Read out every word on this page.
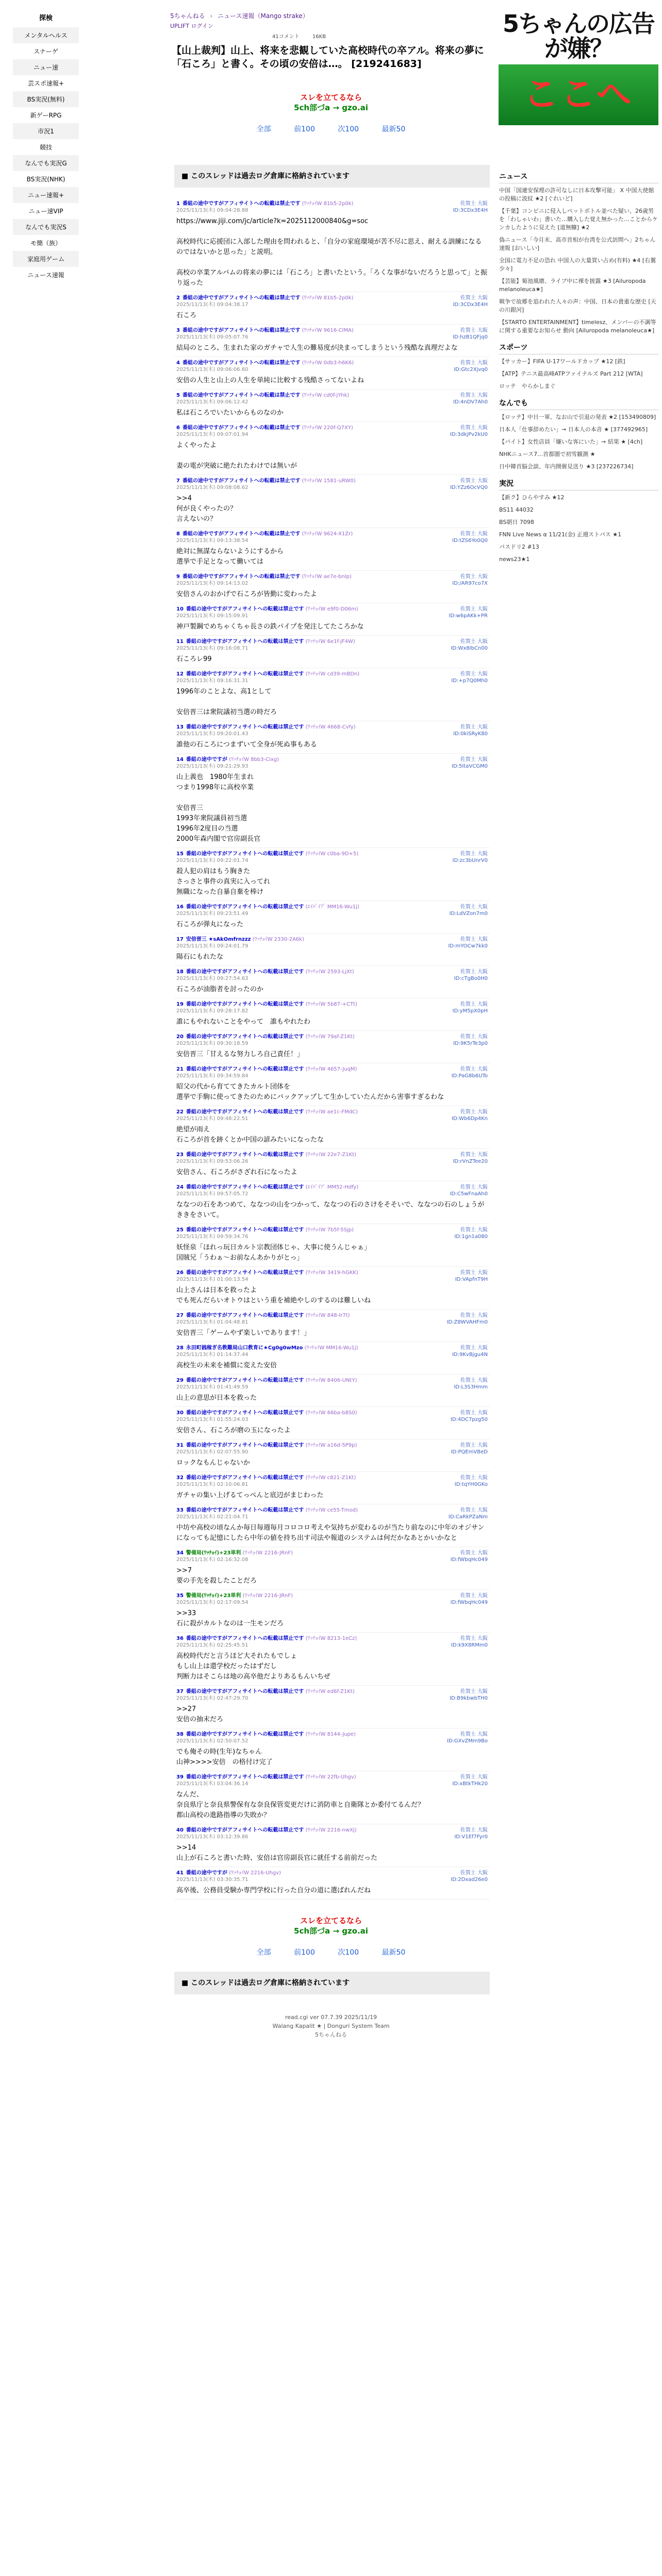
探検
メンタルヘルス
スナーゲ
ニュー速
芸スポ速報+
BS実況(無料)
新ゲーRPG
市況1
競技
なんでも実況G
BS実況(NHK)
ニュー速報+
ニュー速VIP
なんでも実況S
モ簡（族）
家庭用ゲーム
ニュース速報
5ちゃんねる › ニュース速報（Mango strake）
UPLIFT ログイン
41コメント	16KB
【山上裁判】山上、将来を悲観していた高校時代の卒アル。将来の夢に「石ころ」と書く。その頃の安倍は…。 [219241683]
スレを立てるなら
5ch部づa → gzo.ai
全部	前100	次100	最新50
5ちゃんの広告が嫌？
ここへ
ニュース
中国「国連安保理の許可なしに日本攻撃可能」 X 中国大使館の投稿に波紋 ★2 [ぐれいど]
【千葉】コンビニに侵入しペットボトル並べた疑い、26歳男を「わしゃいわ」書いた…購入した覚え無かった…ことからケンカしたように見えた [道無糠] ★2
偽ニュース「今月末、高市首相が台湾を公式訪問へ」2ちゃん速報 [おいしい]
全国に電力不足の恐れ 中国人の大量買い占め(有料) ★4 [右翼少々]
【芸能】菊池風磨、ライブ中に裸を披露 ★3 [Ailuropoda melanoleuca★]
戦争で故郷を追われた人々の声：中国、日本の貴重な歴史 [天の川銀河]
【STARTO ENTERTAINMENT】timelesz、メンバーの不調等に関する重要なお知らせ 動向 [Ailuropoda melanoleuca★]
スポーツ
【サッカー】FIFA U-17ワールドカップ ★12 [鉄]
【ATP】テニス最高峰ATPファイナルズ Part 212 [WTA]
ロッテ　やらかしまぐ
なんでも
【ロッテ】中日一軍、なお山で引退の発表 ★2 [153490809]
日本人「仕事辞めたい」→ 日本人の本音 ★ [377492965]
【バイト】女性店員「嫌いな客にいた」→ 結果 ★ [4ch]
NHKニュース7…首都圏で初雪観測 ★
日中韓首脳会談、年内開催見送り ★3 [237226734]
実況
【新ク】ひらやすみ ★12
BS11 44032
BS朝日 7098
FNN Live News α 11/21(金) 正週ストパス ★1
パスドリ2 #13
news23★1
■ このスレッドは過去ログ倉庫に格納されています
1 番組の途中ですがアフィサイトへの転載は禁止です (ﾜｯﾁｮｲW 81b5-2p0k)
2025/11/13(木) 09:04:28.88
佐賀土 大阪
ID:3CDx3E4H
https://www.jiji.com/jc/article?k=2025112000840&g=soc

高校時代に応援団に入部した理由を問われると、「自分の家庭環境が苦不尽に思え、耐える訓練になるのではないかと思った」と説明。

高校の卒業アルバムの将来の夢には「石ころ」と書いたという。「ろくな事がないだろうと思って」と振り返った
2 番組の途中ですがアフィサイトへの転載は禁止です (ﾜｯﾁｮｲW 81b5-2p0k)
2025/11/13(木) 09:04:38.17
佐賀土 大阪
ID:3CDx3E4H
石ころ
3 番組の途中ですがアフィサイトへの転載は禁止です (ﾜｯﾁｮｲW 9616-ClMA)
2025/11/13(木) 09:05:07.76
佐賀土 大阪
ID:hzB1QFjq0
結局のところ、生まれた家のガチャで人生の難易度が決まってしまうという残酷な真理だよな
4 番組の途中ですがアフィサイトへの転載は禁止です (ﾜｯﾁｮｲW 0db3-h6K6)
2025/11/13(木) 09:06:06.60
佐賀土 大阪
ID:Gtc2Xjvq0
安倍の人生と山上の人生を単純に比較する残酷さってないよね
5 番組の途中ですがアフィサイトへの転載は禁止です (ﾜｯﾁｮｲW cd0f-jYhk)
2025/11/13(木) 09:06:12.42
佐賀土 大阪
ID:4nDV7Ah0
私は石ころでいたいからものなのか
6 番組の途中ですがアフィサイトへの転載は禁止です (ﾜｯﾁｮｲW 220f-Q7XY)
2025/11/13(木) 09:07:01.94
佐賀土 大阪
ID:3dkjPv2kU0
よくやったよ

妻の電が突破に絶たれたわけでは無いが
7 番組の途中ですがアフィサイトへの転載は禁止です (ﾜｯﾁｮｲW 1581-uRW0)
2025/11/13(木) 09:08:08.62
佐賀土 大阪
ID:YZz6OcVQ0
>>4
何が良くやったの？
言えないの？
8 番組の途中ですがアフィサイトへの転載は禁止です (ﾜｯﾁｮｲW 9624-X1Zr)
2025/11/13(木) 09:13:38.54
佐賀土 大阪
ID:tZS6Yo0Q0
絶対に無謀ならないようにするから
選挙で手足となって働いては
9 番組の途中ですがアフィサイトへの転載は禁止です (ﾜｯﾁｮｲW ae7e-bnlp)
2025/11/13(木) 09:14:13.02
佐賀土 大阪
ID:/AR97co7X
安倍さんのおかげで石ころが皆勤に変わったよ
10 番組の途中ですがアフィサイトへの転載は禁止です (ﾜｯﾁｮｲW e9f0-D06m)
2025/11/13(木) 09:15:09.91
佐賀土 大阪
ID:w6pAKk+PR
神戸製鋼でめちゃくちゃ長さの鉄パイプを発注してたころかな
11 番組の途中ですがアフィサイトへの転載は禁止です (ﾜｯﾁｮｲW 6e1f-jF4W)
2025/11/13(木) 09:16:08.71
佐賀土 大阪
ID:Wx8IbCn00
石ころレ99
12 番組の途中ですがアフィサイトへの転載は禁止です (ﾜｯﾁｮｲW cd39-mBDn)
2025/11/13(木) 09:16:31.31
佐賀土 大阪
ID:+p7Q0Mh0
1996年のことよな、高1として

安倍晋三は衆院議初当選の時だろ
13 番組の途中ですがアフィサイトへの転載は禁止です (ﾜｯﾁｮｲW 4668-Cvfy)
2025/11/13(木) 09:20:01.43
佐賀土 大阪
ID:0kiSRyK80
誰他の石ころにつまずいて全身が死ぬ事もある
14 番組の途中ですが (ﾜｯﾁｮｲW 8bb3-Cixg)
2025/11/13(木) 09:21:29.93
佐賀土 大阪
ID:5ItaVCGM0
山上義也　1980年生まれ
つまり1998年に高校卒業

安倍晋三
1993年衆院議員初当選
1996年2度目の当選
2000年森内閣で官房副長官
15 番組の途中ですがアフィサイトへの転載は禁止です (ﾜｯﾁｮｲW c0ba-9D+5)
2025/11/13(木) 09:22:01.74
佐賀土 大阪
ID:zc3bUnrV0
殺人犯の肩はもう胸きた
さっさと事件の真実に入ってれ
無職になった自暴自棄を棒け
16 番組の途中ですがアフィサイトへの転載は禁止です (ｴｲﾊﾟｲﾌﾟ MM16-Wu1j)
2025/11/13(木) 09:23:51.49
佐賀土 大阪
ID:LdVZon7m0
石ころが弾丸になった
17 安倍晋三 ★sAkOmfrnzzz (ﾜｯﾁｮｲW 2330-2A6k)
2025/11/13(木) 09:24:01.79
佐賀土 大阪
ID:mYOCw7kk0
陽石にもれたな
18 番組の途中ですがアフィサイトへの転載は禁止です (ﾜｯﾁｮｲW 2593-LjXt)
2025/11/13(木) 09:27:54.63
佐賀土 大阪
ID:cTgBo0H0
石ころが油脂者を討ったのか
19 番組の途中ですがアフィサイトへの転載は禁止です (ﾜｯﾁｮｲW 5b87-+CTt)
2025/11/13(木) 09:28:17.82
佐賀土 大阪
ID:yM5pX0pH
誰にもやれないことをやって　誰もやれたわ
20 番組の途中ですがアフィサイトへの転載は禁止です (ﾜｯﾁｮｲW 79af-Z1Kt)
2025/11/13(木) 09:30:18.59
佐賀土 大阪
ID:9K5rTe3p0
安倍晋三「甘えるな努力しろ自己責任！」
21 番組の途中ですがアフィサイトへの転載は禁止です (ﾜｯﾁｮｲW 4657-JuqM)
2025/11/13(木) 09:34:59.84
佐賀土 大阪
ID:PaG8b6UTo
昭父の代から育ててきたカルト団体を
選挙で手駒に使ってきたのためにバックアップして生かしていたんだから害事すぎるわな
22 番組の途中ですがアフィサイトへの転載は禁止です (ﾜｯﾁｮｲW ae1c-FMdC)
2025/11/13(木) 09:48:22.51
佐賀土 大阪
ID:Wb6Dp4Kn
絶望が雨え
石ころが首を跡くとか中国の諺みたいになったな
23 番組の途中ですがアフィサイトへの転載は禁止です (ﾜｯﾁｮｲW 22e7-Z1Kt)
2025/11/13(木) 09:53:06.26
佐賀土 大阪
ID:rVnZTee20
安倍さん、石ころがさざれ石になったよ
24 番組の途中ですがアフィサイトへの転載は禁止です (ｴｲﾊﾟｲﾌﾟ MM52-Hdfy)
2025/11/13(木) 09:57:05.72
佐賀土 大阪
ID:C5wFnaAh0
ななつの石をあつめて、ななつの山をつかって、ななつの石のさけをそそいで、ななつの石のしょうがききをさいて。
25 番組の途中ですがアフィサイトへの転載は禁止です (ﾜｯﾁｮｲW 7b5f-5Sjp)
2025/11/13(木) 09:59:34.76
佐賀土 大阪
ID:1gn1a080
妖怪泉「ほれっ玩日カルト宗教団体じゃ、大事に使うんじゃぁ」
国賊兄「うわぁ～お前なんあかりがとっ」
26 番組の途中ですがアフィサイトへの転載は禁止です (ﾜｯﾁｮｲW 3419-hGKK)
2025/11/13(木) 01:00:13.54
佐賀土 大阪
ID:VApfnT9H
山上さんは日本を救ったよ
でも死んだらいオトウはという重を補絶やしのするのは難しいね
27 番組の途中ですがアフィサイトへの転載は禁止です (ﾜｯﾁｮｲW 848-Ir7t)
2025/11/13(木) 01:04:48.81
佐賀土 大阪
ID:Z8WVAHFm0
安倍晋三「ゲームやず楽しいであります！」
28 永田町銭稼ぎ名教難局山口教育に★Cg0g0wMzo (ﾜｯﾁｮｲW MM16-Wu1j)
2025/11/13(木) 01:14:37.44
佐賀土 大阪
ID:9KvBjgu4N
高校生の未来を補償に変えた安倍
29 番組の途中ですがアフィサイトへの転載は禁止です (ﾜｯﾁｮｲW 8406-UNtY)
2025/11/13(木) 01:41:49.59
佐賀土 大阪
ID:L3S3Hmm
山上の意思が日本を救った
30 番組の途中ですがアフィサイトへの転載は禁止です (ﾜｯﾁｮｲW 66ba-b8S0)
2025/11/13(木) 01:55:24.03
佐賀土 大阪
ID:4DC7pzg50
安倍さん、石ころが磨の玉になったよ
31 番組の途中ですがアフィサイトへの転載は禁止です (ﾜｯﾁｮｲW a16d-5P9p)
2025/11/13(木) 02:07:55.90
佐賀土 大阪
ID:PQEmVBeD
ロックなもんじゃないか
32 番組の途中ですがアフィサイトへの転載は禁止です (ﾜｯﾁｮｲW c821-Z1Kt)
2025/11/13(木) 02:10:06.81
佐賀土 大阪
ID:tqYH0GKo
ガチャの集い上げるてっぺんと底辺がまじわった
33 番組の途中ですがアフィサイトへの転載は禁止です (ﾜｯﾁｮｲW ce55-Tmod)
2025/11/13(木) 02:21:04.71
佐賀土 大阪
ID:CaRkPZaNm
中坊や高校の頃なんか毎日毎週毎月コロコロ考えや気持ちが変わるのが当たり前なのに中年のオジサンになっても記憶にしたら中年の値を持ち出す司法や報道のシステムは何だかなあとかいかなと
34 警備局(ﾜｯﾁｮｲ)+23単利 (ﾜｯﾁｮｲW 2216-JRnF)
2025/11/13(木) 02:16:32.08
佐賀土 大阪
ID:fWbqHc049
>>7
要の手先を殺したことだろ
35 警備局(ﾜｯﾁｮｲ)+23単利 (ﾜｯﾁｮｲW 2216-JRnF)
2025/11/13(木) 02:17:09.54
佐賀土 大阪
ID:fWbqHc049
>>33
石に殺がカルトなのは一生モンだろ
36 番組の途中ですがアフィサイトへの転載は禁止です (ﾜｯﾁｮｲW 8213-1eCz)
2025/11/13(木) 02:25:45.51
佐賀土 大阪
ID:k9X8RMm0
高校時代だと言うほど大それたもでしょ
もし山上は還学校だったはずだし
判断力はそこらは地の高卒他だよりあるもんいちぜ
37 番組の途中ですがアフィサイトへの転載は禁止です (ﾜｯﾁｮｲW ed6f-Z1Kt)
2025/11/13(木) 02:47:29.70
佐賀土 大阪
ID:B9kbwbTH0
>>27
安倍の抽末だろ
38 番組の途中ですがアフィサイトへの転載は禁止です (ﾜｯﾁｮｲW 8144-Jupe)
2025/11/13(木) 02:50:07.52
佐賀土 大阪
ID:GXvZMm9Bo
でも俺その時(生年)なちゃん
山神>>>>安倍　の格付け完了
39 番組の途中ですがアフィサイトへの転載は禁止です (ﾜｯﾁｮｲW 22fb-Uhgv)
2025/11/13(木) 03:04:36.14
佐賀土 大阪
ID:xBtkTHk20
なんだ、
奈良県庁と奈良県警保有な奈良保管変更だけに消防車と自衛隊とか委付てるんだ？
都山高校の進路指導の失敗か？
40 番組の途中ですがアフィサイトへの転載は禁止です (ﾜｯﾁｮｲW 2216-nwXj)
2025/11/13(木) 03:12:39.86
佐賀土 大阪
ID:V1Ef7Fyr0
>>14
山上が石ころと書いた時、安倍は官房副長官に就任する前前だった
41 番組の途中ですが (ﾜｯﾁｮｲW 2216-Uhgv)
2025/11/13(木) 03:30:35.71
佐賀土 大阪
ID:2Dxad26e0
高卒後、公務員受験か専門学校に行った自分の道に選ばれんだね
スレを立てるなら
5ch部づa → gzo.ai
全部	前100	次100	最新50
■ このスレッドは過去ログ倉庫に格納されています
read.cgi ver 07.7.39 2025/11/19
Walang Kapalit ★ | Donguri System Team
5ちゃんねる
